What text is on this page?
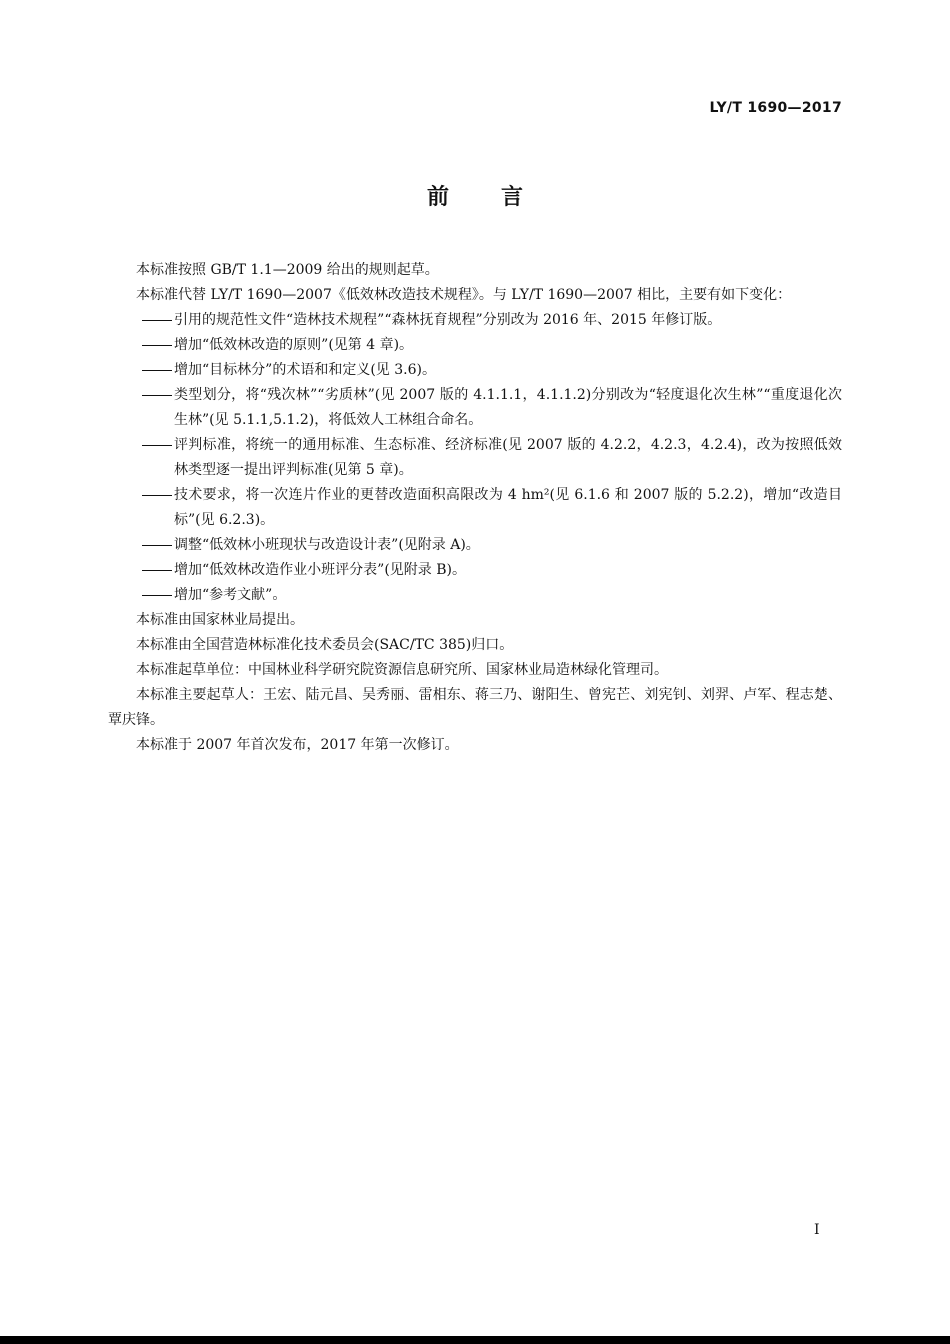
LY/T 1690—2017
前言

本标准按照 GB/T 1.1—2009 给出的规则起草。

本标准代替 LY/T 1690—2007《低效林改造技术规程》。与 LY/T 1690—2007 相比，主要有如下变化：

引用的规范性文件“造林技术规程”“森林抚育规程”分别改为 2016 年、2015 年修订版。

增加“低效林改造的原则”(见第 4 章)。

增加“目标林分”的术语和和定义(见 3.6)。

类型划分，将“残次林”“劣质林”(见 2007 版的 4.1.1.1，4.1.1.2)分别改为“轻度退化次生林”“重度退化次生林”(见 5.1.1,5.1.2)，将低效人工林组合命名。

评判标准，将统一的通用标准、生态标准、经济标准(见 2007 版的 4.2.2，4.2.3，4.2.4)，改为按照低效林类型逐一提出评判标准(见第 5 章)。

技术要求，将一次连片作业的更替改造面积高限改为 4 hm²(见 6.1.6 和 2007 版的 5.2.2)，增加“改造目标”(见 6.2.3)。

调整“低效林小班现状与改造设计表”(见附录 A)。

增加“低效林改造作业小班评分表”(见附录 B)。

增加“参考文献”。

本标准由国家林业局提出。

本标准由全国营造林标准化技术委员会(SAC/TC 385)归口。

本标准起草单位：中国林业科学研究院资源信息研究所、国家林业局造林绿化管理司。

本标准主要起草人：王宏、陆元昌、吴秀丽、雷相东、蒋三乃、谢阳生、曾宪芒、刘宪钊、刘羿、卢军、程志楚、覃庆锋。

本标准于 2007 年首次发布，2017 年第一次修订。

I
